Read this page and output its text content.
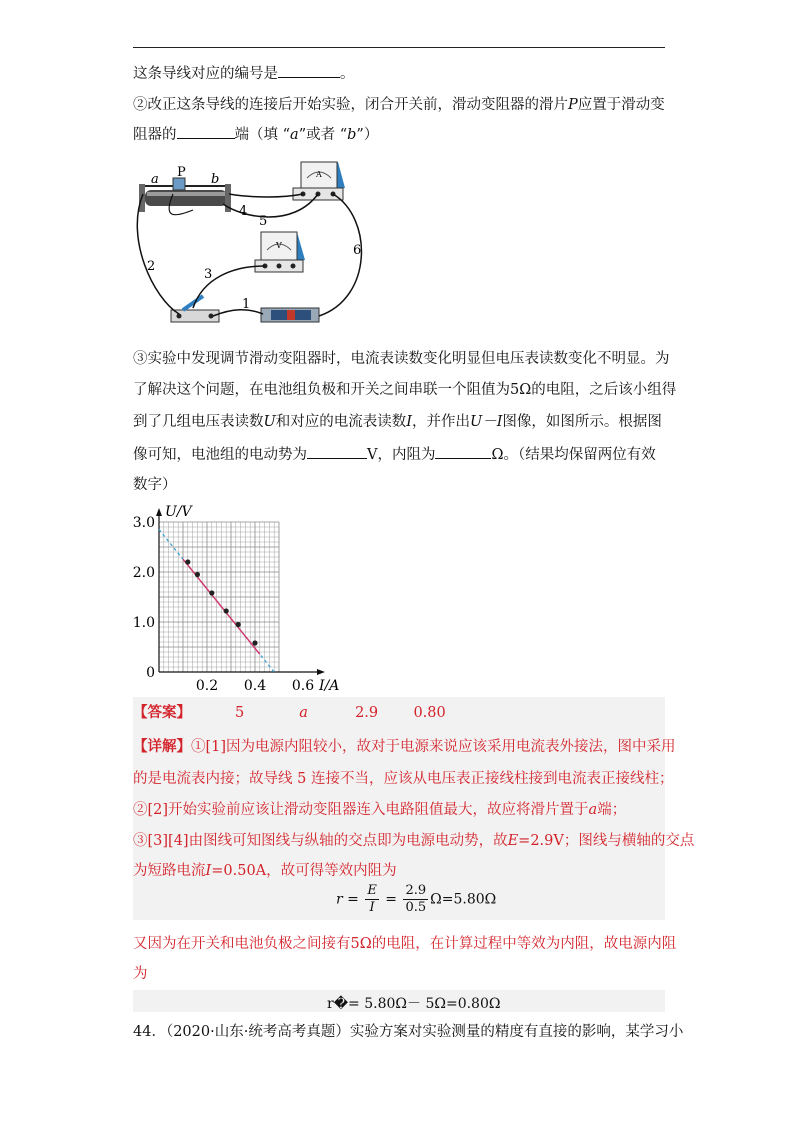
这条导线对应的编号是	。
②改正这条导线的连接后开始实验，闭合开关前，滑动变阻器的滑片P应置于滑动变
阻器的	端（填 “a”或者 “b”）
a P b	A
V
1
2
3
4
5
6
③实验中发现调节滑动变阻器时，电流表读数变化明显但电压表读数变化不明显。为
了解决这个问题，在电池组负极和开关之间串联一个阻值为5Ω的电阻，之后该小组得
到了几组电压表读数U和对应的电流表读数I，并作出U－I图像，如图所示。根据图
像可知，电池组的电动势为	V，内阻为	Ω。（结果均保留两位有效
数字）
U/V
I/A
0
1.0
2.0
3.0
0.2 0.4 0.6
【答案】	5	a	2.9 0.80
【详解】①[1]因为电源内阻较小，故对于电源来说应该采用电流表外接法，图中采用
的是电流表内接；故导线 5 连接不当，应该从电压表正接线柱接到电流表正接线柱；
②[2]开始实验前应该让滑动变阻器连入电路阻值最大，故应将滑片置于a端；
③[3][4]由图线可知图线与纵轴的交点即为电源电动势，故E=2.9V；图线与横轴的交点
为短路电流I=0.50A，故可得等效内阻为
$r = \frac{E}{I} = \frac{2.9}{0.5} \Omega=5.80\Omega$
又因为在开关和电池负极之间接有5Ω的电阻，在计算过程中等效为内阻，故电源内阻
为
r�= 5.80Ω－ 5Ω=0.80Ω
44．（2020·山东·统考高考真题）实验方案对实验测量的精度有直接的影响，某学习小
